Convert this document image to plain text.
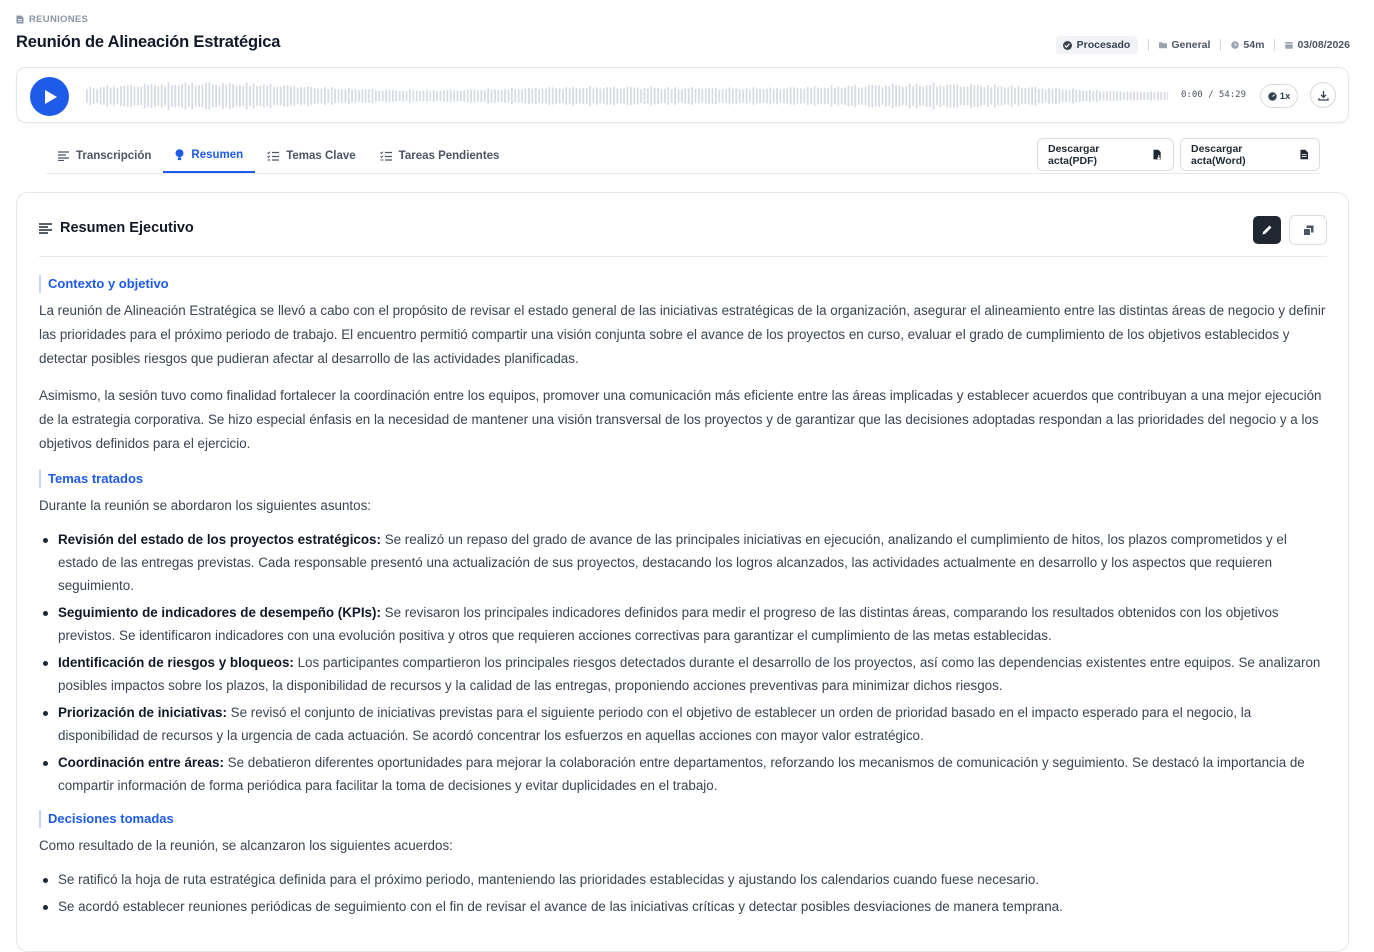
REUNIONES
Reunión de Alineación Estratégica	Procesado	General	54m	03/08/2026
0:00 / 54:29	1x
Transcripción	Resumen	Temas Clave	Tareas Pendientes
Descargar acta(PDF)
Descargar acta(Word)
Resumen Ejecutivo
Contexto y objetivo

La reunión de Alineación Estratégica se llevó a cabo con el propósito de revisar el estado general de las iniciativas estratégicas de la organización, asegurar el alineamiento entre las distintas áreas de negocio y definir las prioridades para el próximo periodo de trabajo. El encuentro permitió compartir una visión conjunta sobre el avance de los proyectos en curso, evaluar el grado de cumplimiento de los objetivos establecidos y detectar posibles riesgos que pudieran afectar al desarrollo de las actividades planificadas.

Asimismo, la sesión tuvo como finalidad fortalecer la coordinación entre los equipos, promover una comunicación más eficiente entre las áreas implicadas y establecer acuerdos que contribuyan a una mejor ejecución de la estrategia corporativa. Se hizo especial énfasis en la necesidad de mantener una visión transversal de los proyectos y de garantizar que las decisiones adoptadas respondan a las prioridades del negocio y a los objetivos definidos para el ejercicio.

Temas tratados

Durante la reunión se abordaron los siguientes asuntos:

Revisión del estado de los proyectos estratégicos: Se realizó un repaso del grado de avance de las principales iniciativas en ejecución, analizando el cumplimiento de hitos, los plazos comprometidos y el estado de las entregas previstas. Cada responsable presentó una actualización de sus proyectos, destacando los logros alcanzados, las actividades actualmente en desarrollo y los aspectos que requieren seguimiento.
Seguimiento de indicadores de desempeño (KPIs): Se revisaron los principales indicadores definidos para medir el progreso de las distintas áreas, comparando los resultados obtenidos con los objetivos previstos. Se identificaron indicadores con una evolución positiva y otros que requieren acciones correctivas para garantizar el cumplimiento de las metas establecidas.
Identificación de riesgos y bloqueos: Los participantes compartieron los principales riesgos detectados durante el desarrollo de los proyectos, así como las dependencias existentes entre equipos. Se analizaron posibles impactos sobre los plazos, la disponibilidad de recursos y la calidad de las entregas, proponiendo acciones preventivas para minimizar dichos riesgos.
Priorización de iniciativas: Se revisó el conjunto de iniciativas previstas para el siguiente periodo con el objetivo de establecer un orden de prioridad basado en el impacto esperado para el negocio, la disponibilidad de recursos y la urgencia de cada actuación. Se acordó concentrar los esfuerzos en aquellas acciones con mayor valor estratégico.
Coordinación entre áreas: Se debatieron diferentes oportunidades para mejorar la colaboración entre departamentos, reforzando los mecanismos de comunicación y seguimiento. Se destacó la importancia de compartir información de forma periódica para facilitar la toma de decisiones y evitar duplicidades en el trabajo.
Decisiones tomadas

Como resultado de la reunión, se alcanzaron los siguientes acuerdos:

Se ratificó la hoja de ruta estratégica definida para el próximo periodo, manteniendo las prioridades establecidas y ajustando los calendarios cuando fuese necesario.
Se acordó establecer reuniones periódicas de seguimiento con el fin de revisar el avance de las iniciativas críticas y detectar posibles desviaciones de manera temprana.
